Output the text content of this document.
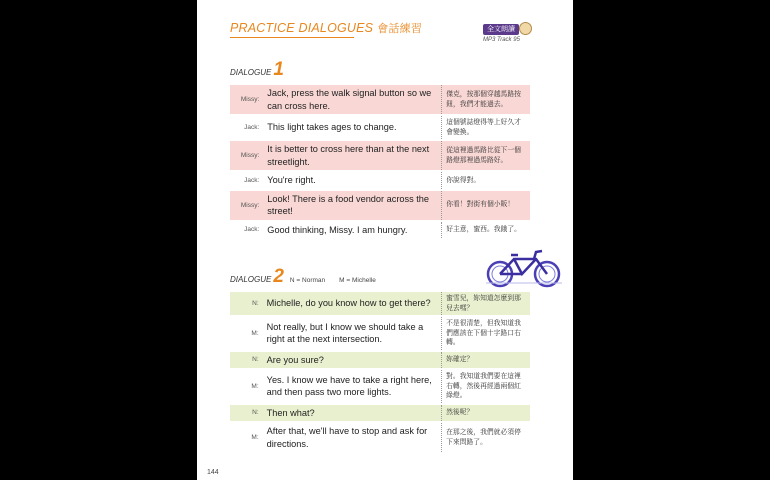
PRACTICE DIALOGUES 會話練習	全文朗讀
MP3 Track 95
DIALOGUE 1
Missy:	Jack, press the walk signal button so we can cross here.	傑克，按那個穿越馬路按鈕，我們才能過去。
Jack:	This light takes ages to change.	這個號誌燈得等上好久才會變換。
Missy:	It is better to cross here than at the next streetlight.	從這裡過馬路比從下一個路燈那裡過馬路好。
Jack:	You're right.	你說得對。
Missy:	Look! There is a food vendor across the street!	你看！對街有個小販！
Jack:	Good thinking, Missy. I am hungry.	好主意，蜜西。我餓了。
DIALOGUE 2 N = Norman M = Michelle
N:	Michelle, do you know how to get there?	蜜雪兒，妳知道怎麼到那兒去嗎？
M:	Not really, but I know we should take a right at the next intersection.	不是很清楚，但我知道我們應該在下個十字路口右轉。
N:	Are you sure?	妳確定？
M:	Yes. I know we have to take a right here, and then pass two more lights.	對。我知道我們要在這裡右轉，然後再經過兩個紅綠燈。
N:	Then what?	然後呢？
M:	After that, we'll have to stop and ask for directions.	在那之後，我們就必須停下來問路了。
144
